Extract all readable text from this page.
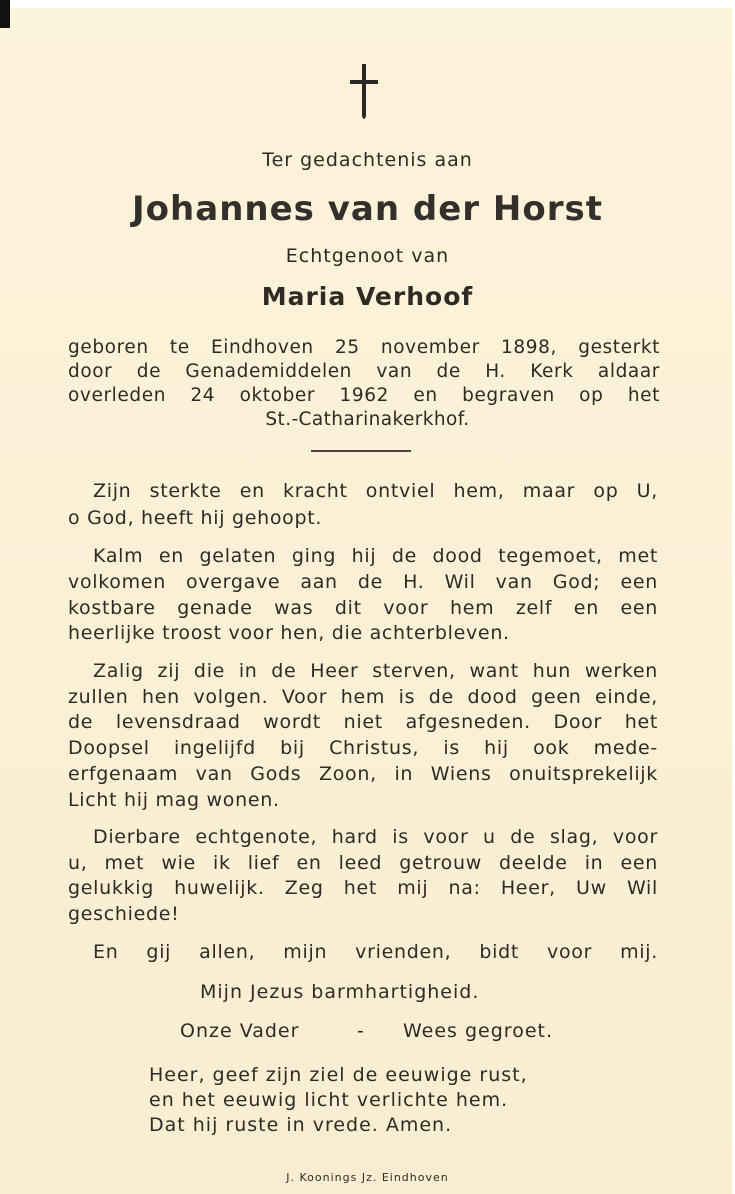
Ter gedachtenis aan

Johannes van der Horst

Echtgenoot van

Maria Verhoof

geboren te Eindhoven 25 november 1898, gesterkt

door de Genademiddelen van de H. Kerk aldaar

overleden 24 oktober 1962 en begraven op het

St.-Catharinakerkhof.

Zijn sterkte en kracht ontviel hem, maar op U,

o God, heeft hij gehoopt.

Kalm en gelaten ging hij de dood tegemoet, met

volkomen overgave aan de H. Wil van God; een

kostbare genade was dit voor hem zelf en een

heerlijke troost voor hen, die achterbleven.

Zalig zij die in de Heer sterven, want hun werken

zullen hen volgen. Voor hem is de dood geen einde,

de levensdraad wordt niet afgesneden. Door het

Doopsel ingelijfd bij Christus, is hij ook mede-

erfgenaam van Gods Zoon, in Wiens onuitsprekelijk

Licht hij mag wonen.

Dierbare echtgenote, hard is voor u de slag, voor

u, met wie ik lief en leed getrouw deelde in een

gelukkig huwelijk. Zeg het mij na: Heer, Uw Wil

geschiede!

En gij allen, mijn vrienden, bidt voor mij.

Mijn Jezus barmhartigheid.

Onze Vader	- Wees gegroet.

Heer, geef zijn ziel de eeuwige rust,

en het eeuwig licht verlichte hem.

Dat hij ruste in vrede. Amen.

J. Koonings Jz. Eindhoven
